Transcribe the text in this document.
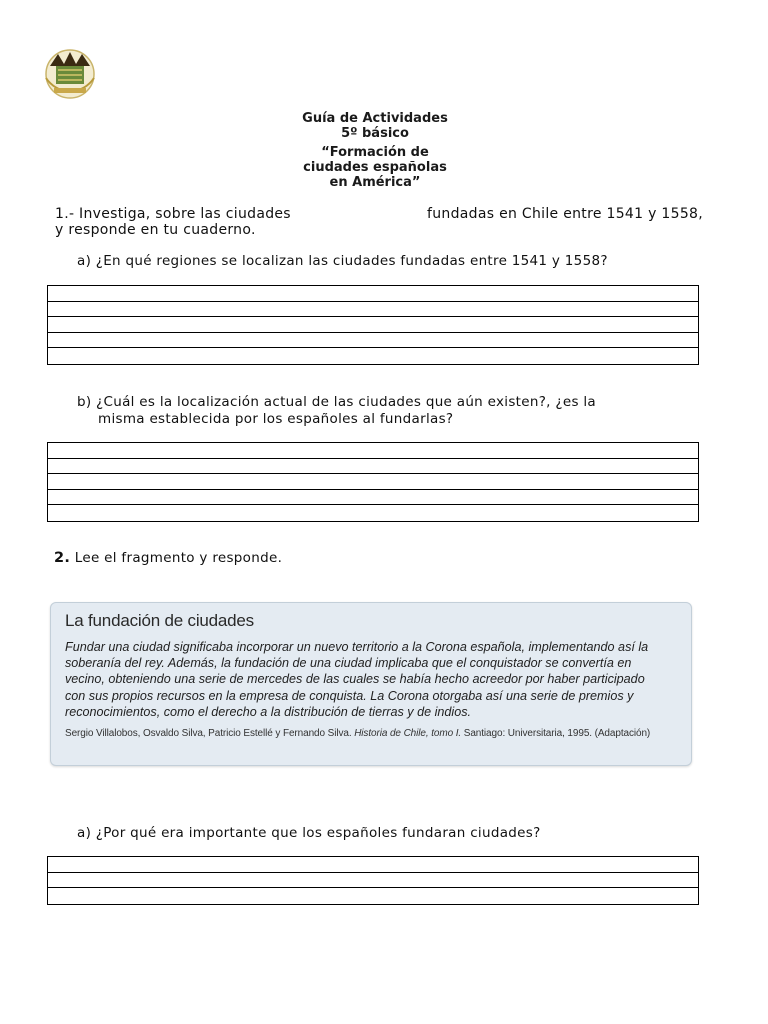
Guía de Actividades
5º básico
“Formación de
ciudades españolas
en América”
1.- Investiga, sobre las ciudades	fundadas en Chile entre 1541 y 1558,
y responde en tu cuaderno.
a) ¿En qué regiones se localizan las ciudades fundadas entre 1541 y 1558?
b) ¿Cuál es la localización actual de las ciudades que aún existen?, ¿es la
misma establecida por los españoles al fundarlas?
2. Lee el fragmento y responde.
La fundación de ciudades
Fundar una ciudad significaba incorporar un nuevo territorio a la Corona española, implementando así la
soberanía del rey. Además, la fundación de una ciudad implicaba que el conquistador se convertía en
vecino, obteniendo una serie de mercedes de las cuales se había hecho acreedor por haber participado
con sus propios recursos en la empresa de conquista. La Corona otorgaba así una serie de premios y
reconocimientos, como el derecho a la distribución de tierras y de indios.
Sergio Villalobos, Osvaldo Silva, Patricio Estellé y Fernando Silva. Historia de Chile, tomo I. Santiago: Universitaria, 1995. (Adaptación)
a) ¿Por qué era importante que los españoles fundaran ciudades?
